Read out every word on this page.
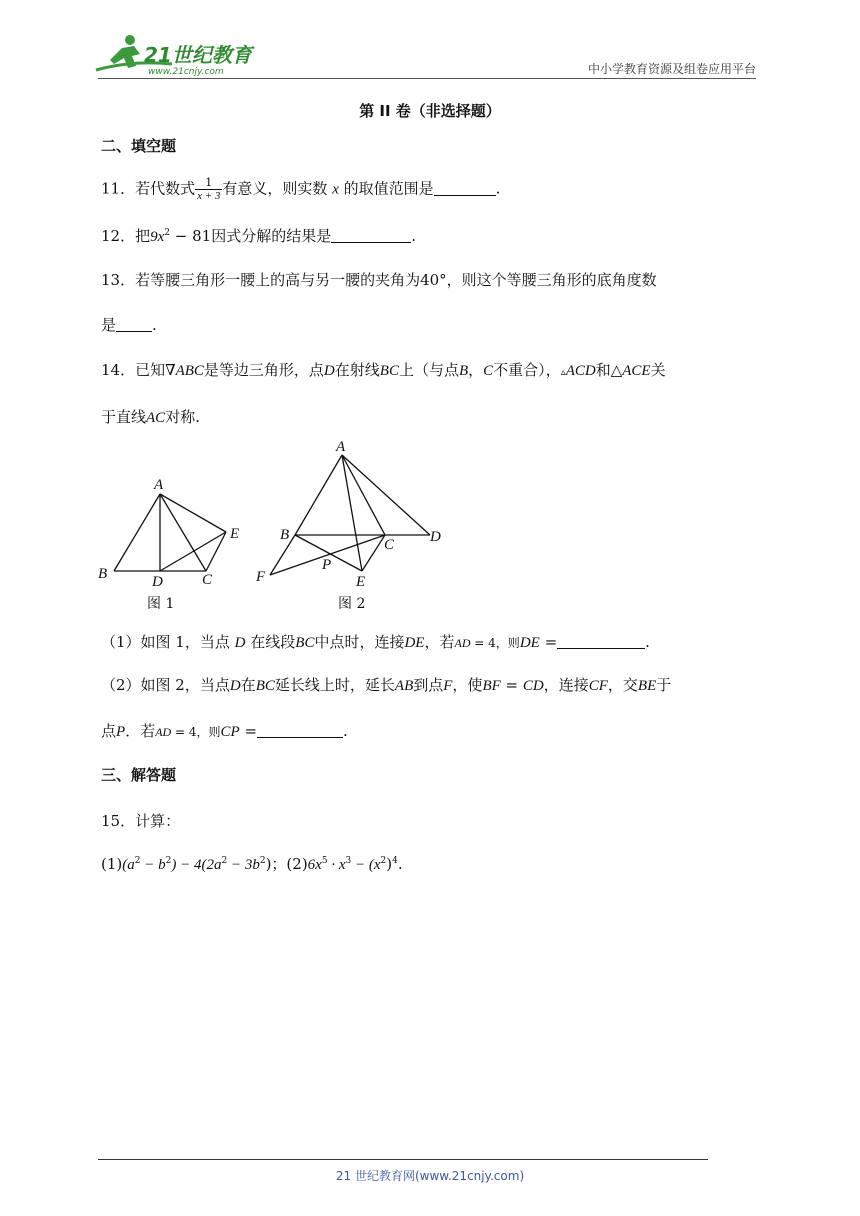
21世纪教育
www.21cnjy.com	中小学教育资源及组卷应用平台
第 II 卷（非选择题）
二、填空题
11．若代数式 $\frac{1}{x + 3}$ 有意义，则实数 x 的取值范围是	.
12．把$9x^2 - 81$因式分解的结果是	.
13．若等腰三角形一腰上的高与另一腰的夹角为40°，则这个等腰三角形的底角度数
是 .
14．已知∇ABC是等边三角形，点D在射线BC上（与点B，C不重合），▵ACD和△ACE关
于直线AC对称.
A
B	C
D
E
图 1
A
B
C D
E
F
P
图 2
（1）如图 1，当点 D 在线段BC中点时，连接DE，若AD = 4，则DE =	.
（2）如图 2，当点D在BC延长线上时，延长AB到点F，使BF = CD，连接CF，交BE于
点P．若AD = 4，则CP =	.
三、解答题
15．计算：
$(1)(a^2 - b^2) - 4(2a^2 - 3b^2)$；$(2)6x^5 \cdot x^3 - (x^2)^4$.
21 世纪教育网(www.21cnjy.com)
